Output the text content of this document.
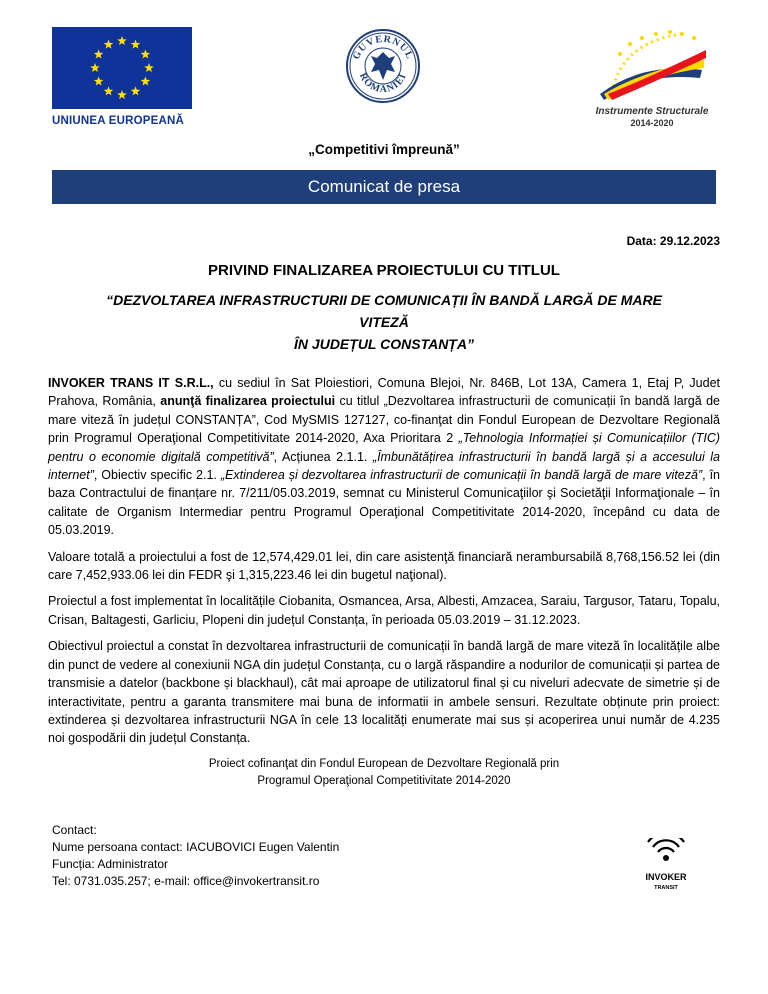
UNIUNEA EUROPEANĂ
GUVERNUL
ROMÂNIEI
Instrumente Structurale
2014-2020
„Competitivi împreună”
Comunicat de presa
Data: 29.12.2023
PRIVIND FINALIZAREA PROIECTULUI CU TITLUL
“DEZVOLTAREA INFRASTRUCTURII DE COMUNICAȚII ÎN BANDĂ LARGĂ DE MARE VITEZĂ
ÎN JUDEȚUL CONSTANȚA”

INVOKER TRANS IT S.R.L., cu sediul în Sat Ploiestiori, Comuna Blejoi, Nr. 846B, Lot 13A, Camera 1, Etaj P, Judet Prahova, România, anunţă finalizarea proiectului cu titlul „Dezvoltarea infrastructurii de comunicații în bandă largă de mare viteză în județul CONSTANȚA”, Cod MySMIS 127127, co-finanţat din Fondul European de Dezvoltare Regională prin Programul Operaţional Competitivitate 2014-2020, Axa Prioritara 2 „Tehnologia Informației și Comunicațiilor (TIC) pentru o economie digitală competitivă”, Acțiunea 2.1.1. „Îmbunătățirea infrastructurii în bandă largă și a accesului la internet”, Obiectiv specific 2.1. „Extinderea și dezvoltarea infrastructurii de comunicații în bandă largă de mare viteză”, în baza Contractului de finanțare nr. 7/211/05.03.2019, semnat cu Ministerul Comunicaţiilor şi Societăţii Informaţionale – în calitate de Organism Intermediar pentru Programul Operaţional Competitivitate 2014-2020, începând cu data de 05.03.2019.

Valoare totală a proiectului a fost de 12,574,429.01 lei, din care asistenţă financiară nerambursabilă 8,768,156.52 lei (din care 7,452,933.06 lei din FEDR şi 1,315,223.46 lei din bugetul naţional).

Proiectul a fost implementat în localitățile Ciobanita, Osmancea, Arsa, Albesti, Amzacea, Saraiu, Targusor, Tataru, Topalu, Crisan, Baltagesti, Garliciu, Plopeni din județul Constanța, în perioada 05.03.2019 – 31.12.2023.

Obiectivul proiectul a constat în dezvoltarea infrastructurii de comunicații în bandă largă de mare viteză în localitățile albe din punct de vedere al conexiunii NGA din județul Constanța, cu o largă răspandire a nodurilor de comunicații și partea de transmisie a datelor (backbone și blackhaul), cât mai aproape de utilizatorul final și cu niveluri adecvate de simetrie și de interactivitate, pentru a garanta transmitere mai buna de informatii in ambele sensuri. Rezultate obținute prin proiect: extinderea și dezvoltarea infrastructurii NGA în cele 13 localități enumerate mai sus și acoperirea unui număr de 4.235 noi gospodării din județul Constanța.

Proiect cofinanţat din Fondul European de Dezvoltare Regională prin
Programul Operaţional Competitivitate 2014-2020
Contact:
Nume persoana contact: IACUBOVICI Eugen Valentin
Funcția: Administrator
Tel: 0731.035.257; e-mail: office@invokertransit.ro	INVOKER
TRANSIT
